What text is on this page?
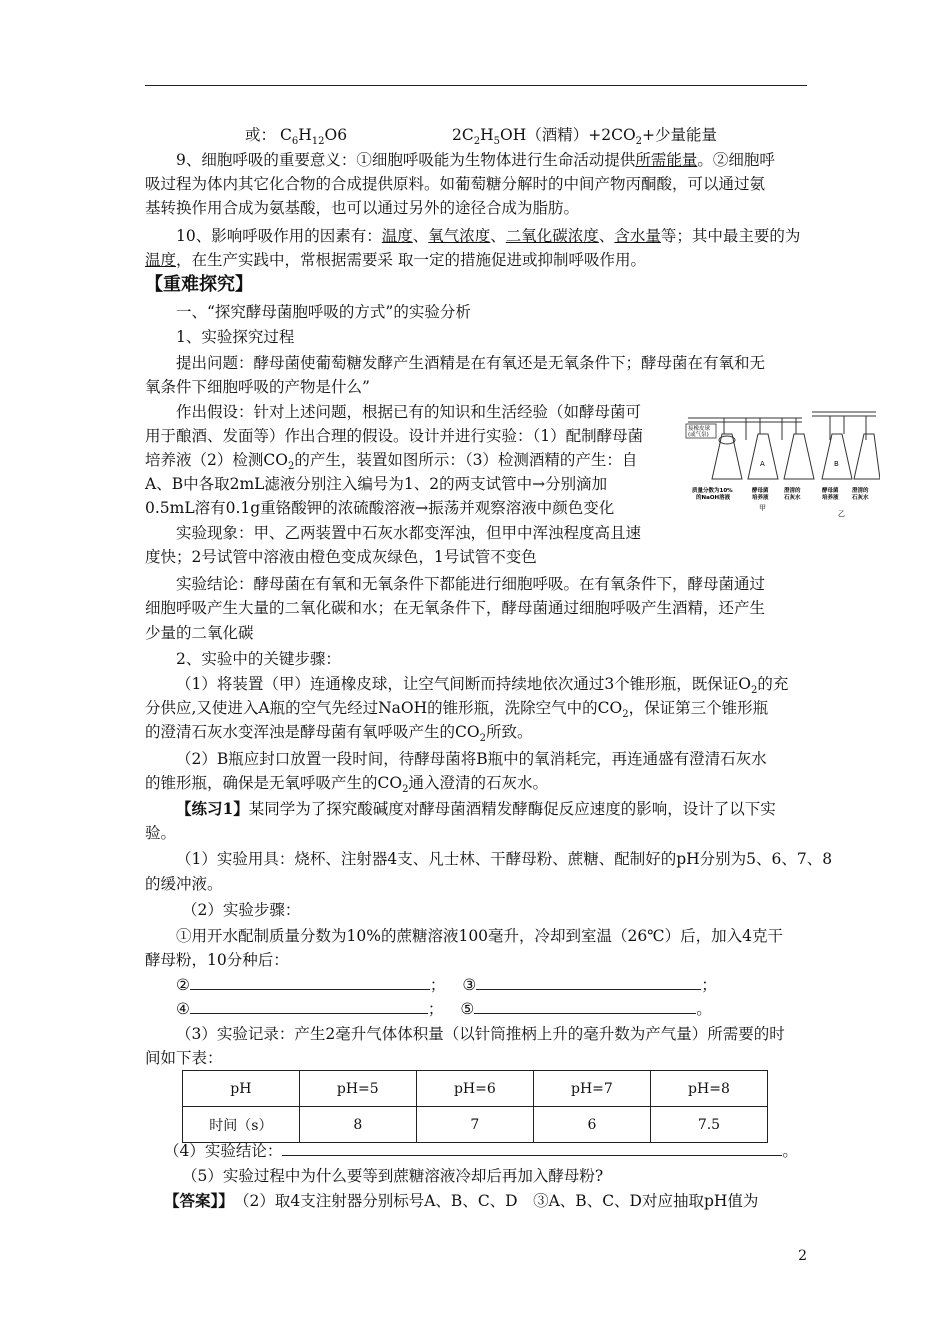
或： $C_6H_{12}O6$	$2C_2H_5OH$（酒精）$+2CO_2+$少量能量
9、细胞呼吸的重要意义：①细胞呼吸能为生物体进行生命活动提供所需能量。②细胞呼
吸过程为体内其它化合物的合成提供原料。如葡萄糖分解时的中间产物丙酮酸，可以通过氨
基转换作用合成为氨基酸，也可以通过另外的途径合成为脂肪。
10、影响呼吸作用的因素有：温度、氧气浓度、二氧化碳浓度、含水量等；其中最主要的为
温度，在生产实践中，常根据需要采 取一定的措施促进或抑制呼吸作用。
【重难探究】
一、“探究酵母菌胞呼吸的方式”的实验分析
1、实验探究过程
提出问题：酵母菌使葡萄糖发酵产生酒精是在有氧还是无氧条件下；酵母菌在有氧和无
氧条件下细胞呼吸的产物是什么”
作出假设：针对上述问题，根据已有的知识和生活经验（如酵母菌可
用于酿酒、发面等）作出合理的假设。设计并进行实验：（1）配制酵母菌
培养液（2）检测$CO_2$的产生，装置如图所示：（3）检测酒精的产生：自
A、B中各取2mL滤液分别注入编号为1、2的两支试管中→分别滴加
0.5mL溶有0.1g重铬酸钾的浓硫酸溶液→振荡并观察溶液中颜色变化
接橡皮球
(或气泵)
A	B
质量分数为10%
的NaOH溶液
酵母菌
培养液
澄清的
石灰水
酵母菌
培养液
澄清的
石灰水
甲
乙
实验现象：甲、乙两装置中石灰水都变浑浊，但甲中浑浊程度高且速
度快；2号试管中溶液由橙色变成灰绿色，1号试管不变色
实验结论：酵母菌在有氧和无氧条件下都能进行细胞呼吸。在有氧条件下，酵母菌通过
细胞呼吸产生大量的二氧化碳和水；在无氧条件下，酵母菌通过细胞呼吸产生酒精，还产生
少量的二氧化碳
2、实验中的关键步骤：
（1）将装置（甲）连通橡皮球，让空气间断而持续地依次通过3个锥形瓶，既保证$O_2$的充
分供应,又使进入A瓶的空气先经过NaOH的锥形瓶，洗除空气中的$CO_2$，保证第三个锥形瓶
的澄清石灰水变浑浊是酵母菌有氧呼吸产生的$CO_2$所致。
（2）B瓶应封口放置一段时间，待酵母菌将B瓶中的氧消耗完，再连通盛有澄清石灰水
的锥形瓶，确保是无氧呼吸产生的$CO_2$通入澄清的石灰水。
【练习1】某同学为了探究酸碱度对酵母菌酒精发酵酶促反应速度的影响，设计了以下实
验。
（1）实验用具：烧杯、注射器4支、凡士林、干酵母粉、蔗糖、配制好的pH分别为5、6、7、8
的缓冲液。
（2）实验步骤：
①用开水配制质量分数为10%的蔗糖溶液100毫升，冷却到室温（26℃）后，加入4克干
酵母粉，10分种后：
②	； ③	；
④	； ⑤	。
（3）实验记录：产生2毫升气体体积量（以针筒推柄上升的毫升数为产气量）所需要的时
间如下表：
pH	pH=5	pH=6	pH=7	pH=8
时间（s）	8	7	6	7.5
（4）实验结论：	。
（5）实验过程中为什么要等到蔗糖溶液冷却后再加入酵母粉?
【答案】】 （2）取4支注射器分别标号A、B、C、D　③A、B、C、D对应抽取pH值为
2
